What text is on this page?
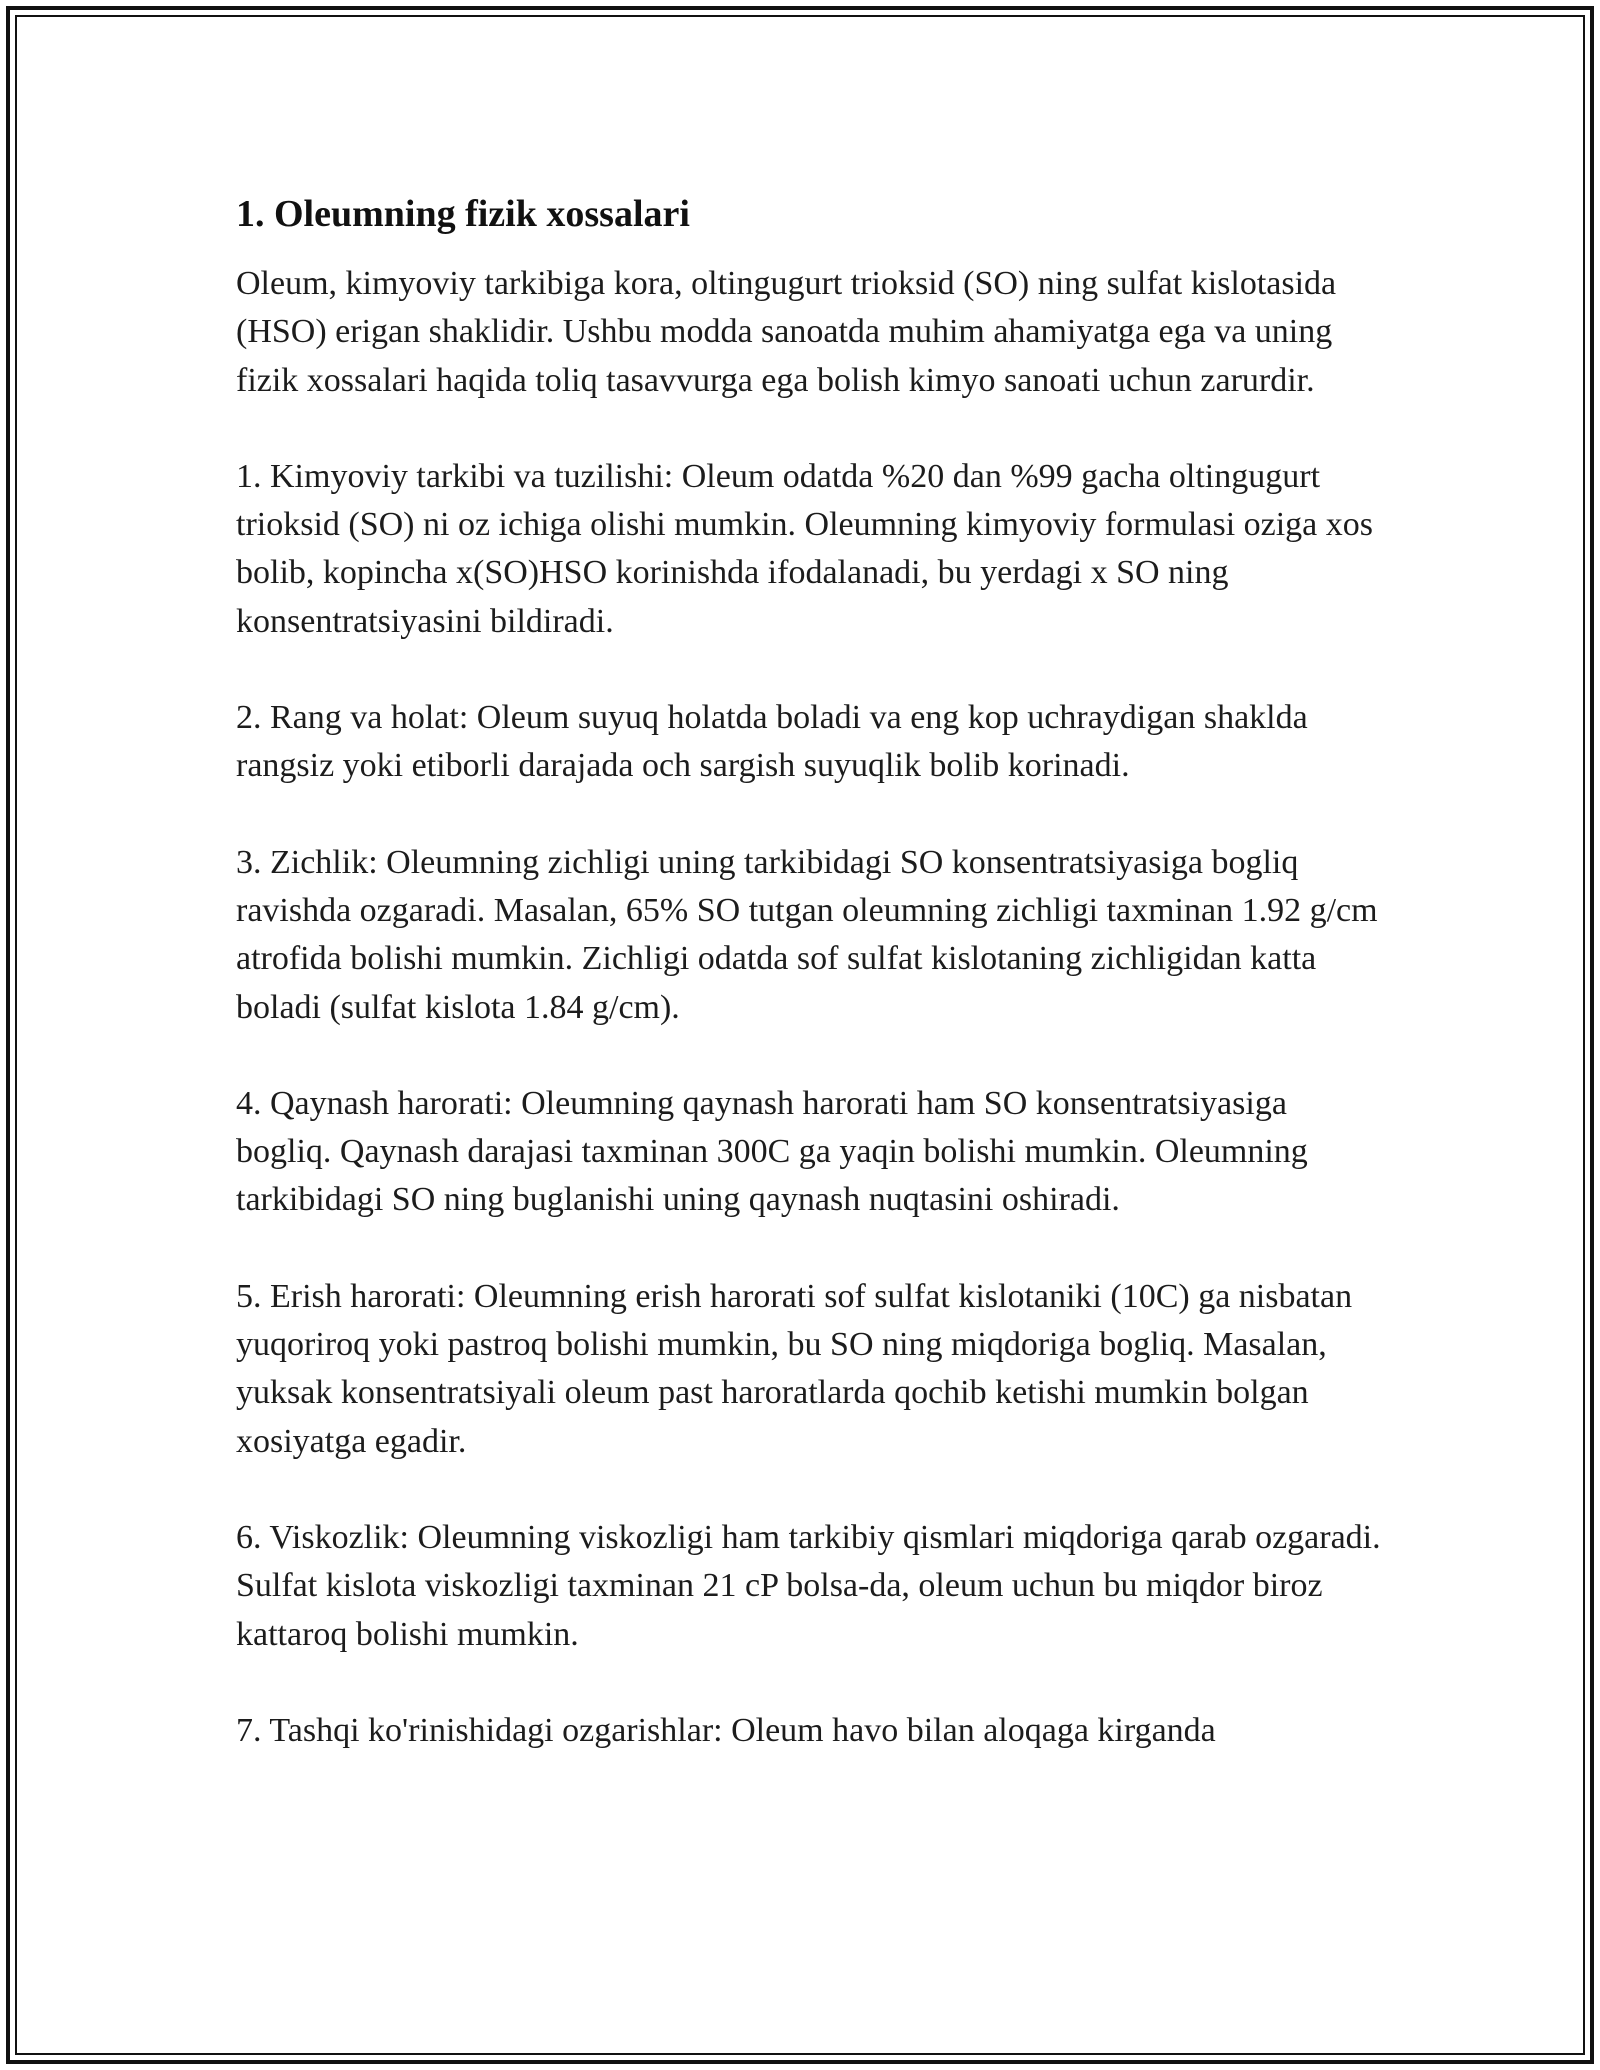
1. Oleumning fizik xossalari

Oleum, kimyoviy tarkibiga kora, oltingugurt trioksid (SO) ning sulfat kislotasida (HSO) erigan shaklidir. Ushbu modda sanoatda muhim ahamiyatga ega va uning fizik xossalari haqida toliq tasavvurga ega bolish kimyo sanoati uchun zarurdir.

1. Kimyoviy tarkibi va tuzilishi: Oleum odatda %20 dan %99 gacha oltingugurt trioksid (SO) ni oz ichiga olishi mumkin. Oleumning kimyoviy formulasi oziga xos bolib, kopincha x(SO)HSO korinishda ifodalanadi, bu yerdagi x SO ning konsentratsiyasini bildiradi.

2. Rang va holat: Oleum suyuq holatda boladi va eng kop uchraydigan shaklda rangsiz yoki etiborli darajada och sargish suyuqlik bolib korinadi.

3. Zichlik: Oleumning zichligi uning tarkibidagi SO konsentratsiyasiga bogliq ravishda ozgaradi. Masalan, 65% SO tutgan oleumning zichligi taxminan 1.92 g/cm atrofida bolishi mumkin. Zichligi odatda sof sulfat kislotaning zichligidan katta boladi (sulfat kislota 1.84 g/cm).

4. Qaynash harorati: Oleumning qaynash harorati ham SO konsentratsiyasiga bogliq. Qaynash darajasi taxminan 300C ga yaqin bolishi mumkin. Oleumning tarkibidagi SO ning buglanishi uning qaynash nuqtasini oshiradi.

5. Erish harorati: Oleumning erish harorati sof sulfat kislotaniki (10C) ga nisbatan yuqoriroq yoki pastroq bolishi mumkin, bu SO ning miqdoriga bogliq. Masalan, yuksak konsentratsiyali oleum past haroratlarda qochib ketishi mumkin bolgan xosiyatga egadir.

6. Viskozlik: Oleumning viskozligi ham tarkibiy qismlari miqdoriga qarab ozgaradi. Sulfat kislota viskozligi taxminan 21 cP bolsa-da, oleum uchun bu miqdor biroz kattaroq bolishi mumkin.

7. Tashqi ko'rinishidagi ozgarishlar: Oleum havo bilan aloqaga kirganda
